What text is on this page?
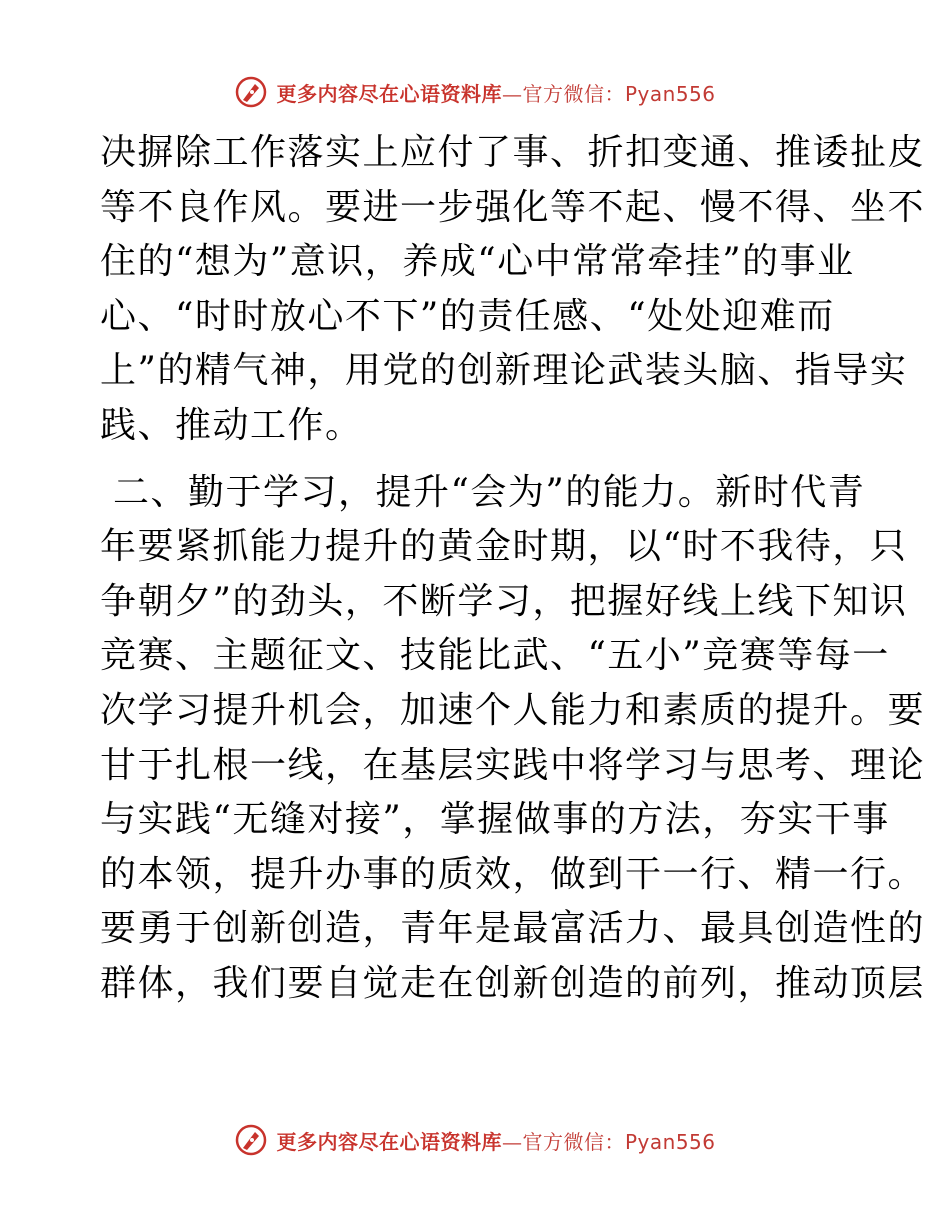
更多内容尽在心语资料库—官方微信：Pyan556

决摒除工作落实上应付了事、折扣变通、推诿扯皮
等不良作风。要进一步强化等不起、慢不得、坐不
住的“想为”意识，养成“心中常常牵挂”的事业
心、“时时放心不下”的责任感、“处处迎难而
上”的精气神，用党的创新理论武装头脑、指导实
践、推动工作。

二、勤于学习，提升“会为”的能力。新时代青
年要紧抓能力提升的黄金时期，以“时不我待，只
争朝夕”的劲头，不断学习，把握好线上线下知识
竞赛、主题征文、技能比武、“五小”竞赛等每一
次学习提升机会，加速个人能力和素质的提升。要
甘于扎根一线，在基层实践中将学习与思考、理论
与实践“无缝对接”，掌握做事的方法，夯实干事
的本领，提升办事的质效，做到干一行、精一行。
要勇于创新创造，青年是最富活力、最具创造性的
群体，我们要自觉走在创新创造的前列，推动顶层

更多内容尽在心语资料库—官方微信：Pyan556
